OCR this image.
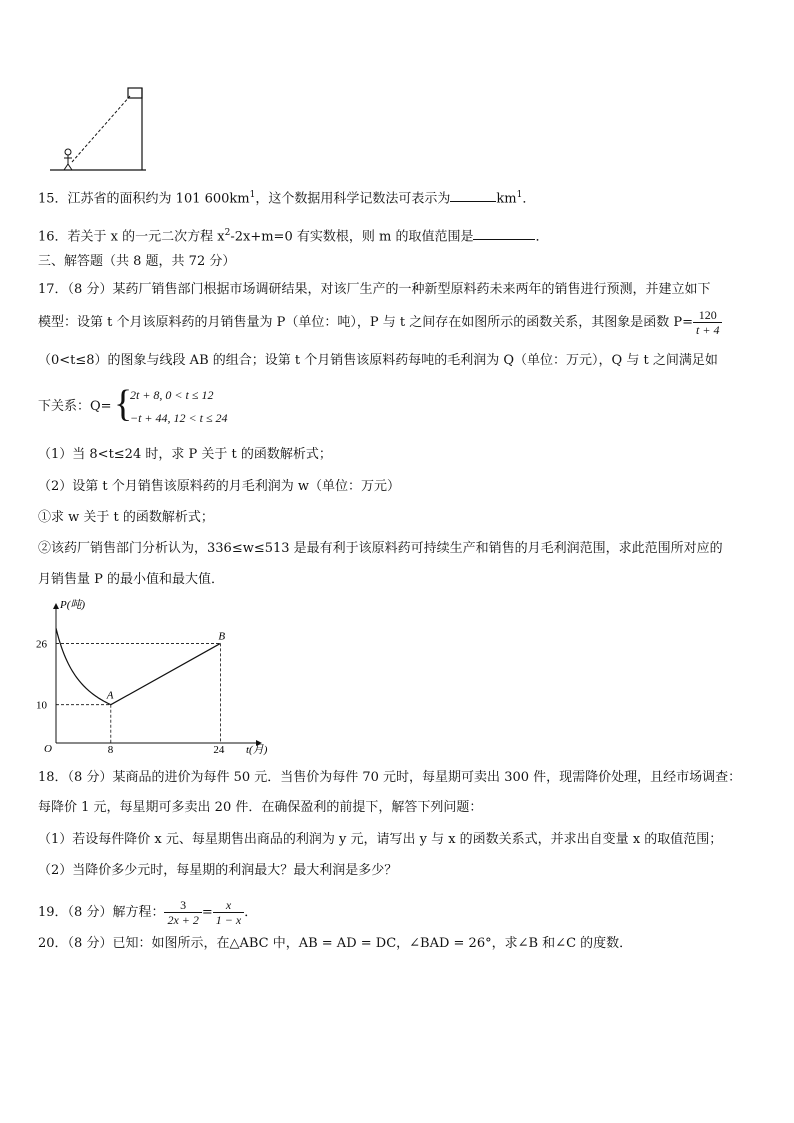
15．江苏省的面积约为 101 $600km^1$，这个数据用科学记数法可表示为	$km^1$．
16．若关于 x 的一元二次方程 $x^2-2x+m=0$ 有实数根，则 m 的取值范围是	．
三、解答题（共 8 题，共 72 分）
17．（8 分）某药厂销售部门根据市场调研结果，对该厂生产的一种新型原料药未来两年的销售进行预测，并建立如下
模型：设第 t 个月该原料药的月销售量为 P（单位：吨），P 与 t 之间存在如图所示的函数关系，其图象是函数 $P= \frac{120}{t + 4}$
（0<t≤8）的图象与线段 AB 的组合；设第 t 个月销售该原料药每吨的毛利润为 Q（单位：万元），Q 与 t 之间满足如
下关系：Q= {
2t + 8, 0 < t ≤ 12
−t + 44, 12 < t ≤ 24
（1）当 8<t≤24 时，求 P 关于 t 的函数解析式；
（2）设第 t 个月销售该原料药的月毛利润为 w（单位：万元）
①求 w 关于 t 的函数解析式；
②该药厂销售部门分析认为，336≤w≤513 是最有利于该原料药可持续生产和销售的月毛利润范围，求此范围所对应的
月销售量 P 的最小值和最大值．
P(吨)
t(月)
O
A
B
26
10
8	24
18．（8 分）某商品的进价为每件 50 元．当售价为每件 70 元时，每星期可卖出 300 件，现需降价处理，且经市场调查：
每降价 1 元，每星期可多卖出 20 件．在确保盈利的前提下，解答下列问题：
（1）若设每件降价 x 元、每星期售出商品的利润为 y 元，请写出 y 与 x 的函数关系式，并求出自变量 x 的取值范围；
（2）当降价多少元时，每星期的利润最大？最大利润是多少？
19．（8 分）解方程： $\frac{3}{2x + 2} = \frac{x}{1 - x}$ ．
20．（8 分）已知：如图所示，在△ABC 中，AB = AD = DC，∠BAD = 26°，求∠B 和∠C 的度数．
